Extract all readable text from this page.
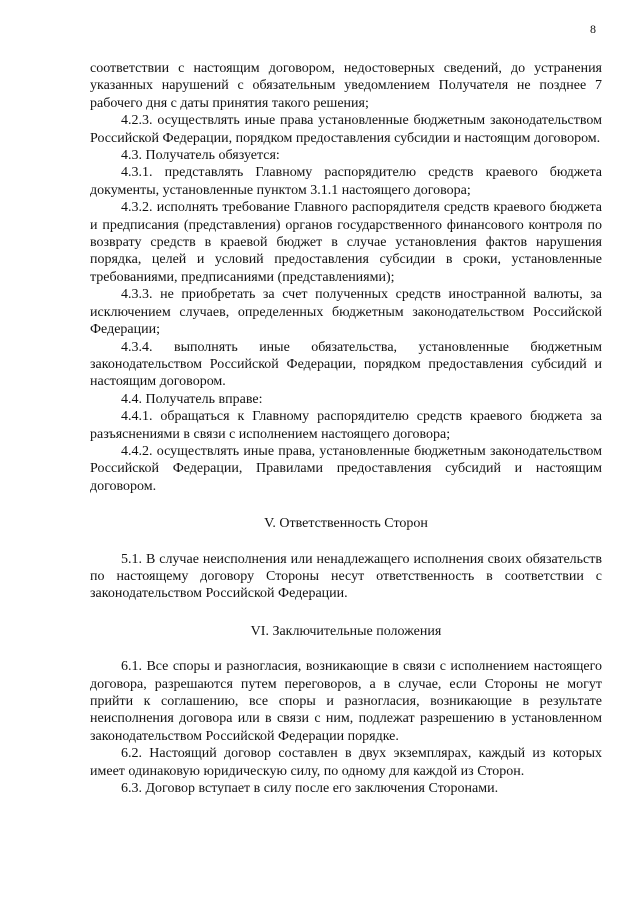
8

соответствии с настоящим договором, недостоверных сведений, до устранения указанных нарушений с обязательным уведомлением Получателя не позднее 7 рабочего дня с даты принятия такого решения;

4.2.3. осуществлять иные права установленные бюджетным законодательством Российской Федерации, порядком предоставления субсидии и настоящим договором.

4.3. Получатель обязуется:

4.3.1. представлять Главному распорядителю средств краевого бюджета документы, установленные пунктом 3.1.1 настоящего договора;

4.3.2. исполнять требование Главного распорядителя средств краевого бюджета и предписания (представления) органов государственного финансового контроля по возврату средств в краевой бюджет в случае установления фактов нарушения порядка, целей и условий предоставления субсидии в сроки, установленные требованиями, предписаниями (представлениями);

4.3.3. не приобретать за счет полученных средств иностранной валюты, за исключением случаев, определенных бюджетным законодательством Российской Федерации;

4.3.4. выполнять иные обязательства, установленные бюджетным законодательством Российской Федерации, порядком предоставления субсидий и настоящим договором.

4.4. Получатель вправе:

4.4.1. обращаться к Главному распорядителю средств краевого бюджета за разъяснениями в связи с исполнением настоящего договора;

4.4.2. осуществлять иные права, установленные бюджетным законодательством Российской Федерации, Правилами предоставления субсидий и настоящим договором.

V. Ответственность Сторон

5.1. В случае неисполнения или ненадлежащего исполнения своих обязательств по настоящему договору Стороны несут ответственность в соответствии с законодательством Российской Федерации.

VI. Заключительные положения

6.1. Все споры и разногласия, возникающие в связи с исполнением настоящего договора, разрешаются путем переговоров, а в случае, если Стороны не могут прийти к соглашению, все споры и разногласия, возникающие в результате неисполнения договора или в связи с ним, подлежат разрешению в установленном законодательством Российской Федерации порядке.

6.2. Настоящий договор составлен в двух экземплярах, каждый из которых имеет одинаковую юридическую силу, по одному для каждой из Сторон.

6.3. Договор вступает в силу после его заключения Сторонами.
